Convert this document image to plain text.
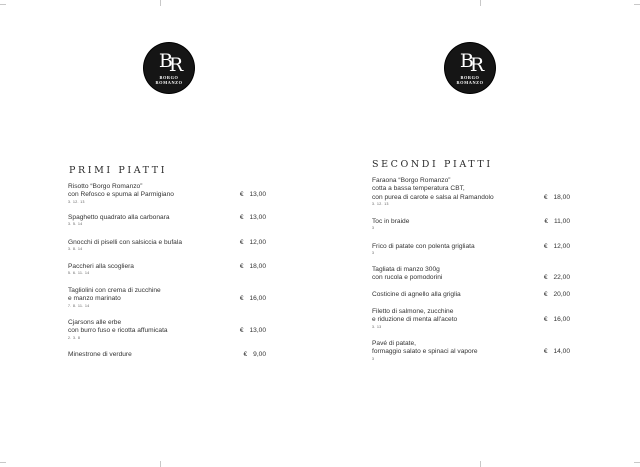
BR
BORGO
ROMANZO
PRIMI PIATTI
Risotto “Borgo Romanzo”
con Refosco e spuma al Parmigiano
3. 12. 13
€ 13,00
Spaghetto quadrato alla carbonara
3. 5. 14
€ 13,00
Gnocchi di piselli con salsiccia e bufala
3. 8. 14
€ 12,00
Paccheri alla scogliera
5. 6. 11. 14
€ 18,00
Tagliolini con crema di zucchine
e manzo marinato
7. 8. 11. 14
€ 16,00
Cjarsons alle erbe
con burro fuso e ricotta affumicata
2. 3. 8
€ 13,00
Minestrone di verdure	€ 9,00
BR
BORGO
ROMANZO
SECONDI PIATTI
Faraona “Borgo Romanzo”
cotta a bassa temperatura CBT,
con purea di carote e salsa al Ramandolo
3. 12. 13
€ 18,00
Toc in braide
3
€ 11,00
Frico di patate con polenta grigliata
3
€ 12,00
Tagliata di manzo 300g
con rucola e pomodorini	€ 22,00
Costicine di agnello alla griglia	€ 20,00
Filetto di salmone, zucchine
e riduzione di menta all'aceto
3. 13
€ 16,00
Pavé di patate,
formaggio salato e spinaci al vapore
3
€ 14,00
